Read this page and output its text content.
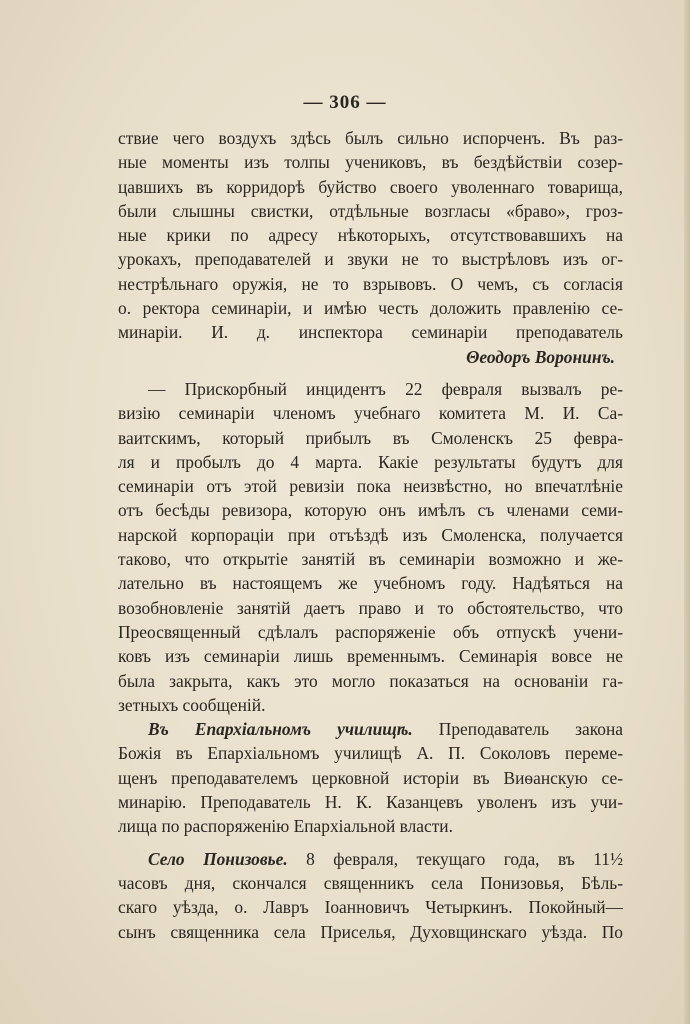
— 306 —
ствие чего воздухъ здѣсь былъ сильно испорченъ. Въ раз-
ные моменты изъ толпы учениковъ, въ бездѣйствіи созер-
цавшихъ въ корридорѣ буйство своего уволеннаго товарища,
были слышны свистки, отдѣльные возгласы «браво», гроз-
ные крики по адресу нѣкоторыхъ, отсутствовавшихъ на
урокахъ, преподавателей и звуки не то выстрѣловъ изъ ог-
нестрѣльнаго оружія, не то взрывовъ. О чемъ, съ согласія
о. ректора семинаріи, и имѣю честь доложить правленію се-
минаріи. И. д. инспектора семинаріи преподаватель
Θеодоръ Воронинъ.
— Прискорбный инцидентъ 22 февраля вызвалъ ре-
визію семинаріи членомъ учебнаго комитета М. И. Са-
ваитскимъ, который прибылъ въ Смоленскъ 25 февра-
ля и пробылъ до 4 марта. Какіе результаты будутъ для
семинаріи отъ этой ревизіи пока неизвѣстно, но впечатлѣніе
отъ бесѣды ревизора, которую онъ имѣлъ съ членами семи-
нарской корпораціи при отъѣздѣ изъ Смоленска, получается
таково, что открытіе занятій въ семинаріи возможно и же-
лательно въ настоящемъ же учебномъ году. Надѣяться на
возобновленіе занятій даетъ право и то обстоятельство, что
Преосвященный сдѣлалъ распоряженіе объ отпускѣ учени-
ковъ изъ семинаріи лишь временнымъ. Семинарія вовсе не
была закрыта, какъ это могло показаться на основаніи га-
зетныхъ сообщеній.
Въ Епархіальномъ училищѣ. Преподаватель закона
Божія въ Епархіальномъ училищѣ А. П. Соколовъ переме-
щенъ преподавателемъ церковной исторіи въ Виѳанскую се-
минарію. Преподаватель Н. К. Казанцевъ уволенъ изъ учи-
лища по распоряженію Епархіальной власти.
Село Понизовье. 8 февраля, текущаго года, въ 11½
часовъ дня, скончался священникъ села Понизовья, Бѣль-
скаго уѣзда, о. Лавръ Іоанновичъ Четыркинъ. Покойный—
сынъ священника села Приселья, Духовщинскаго уѣзда. По
